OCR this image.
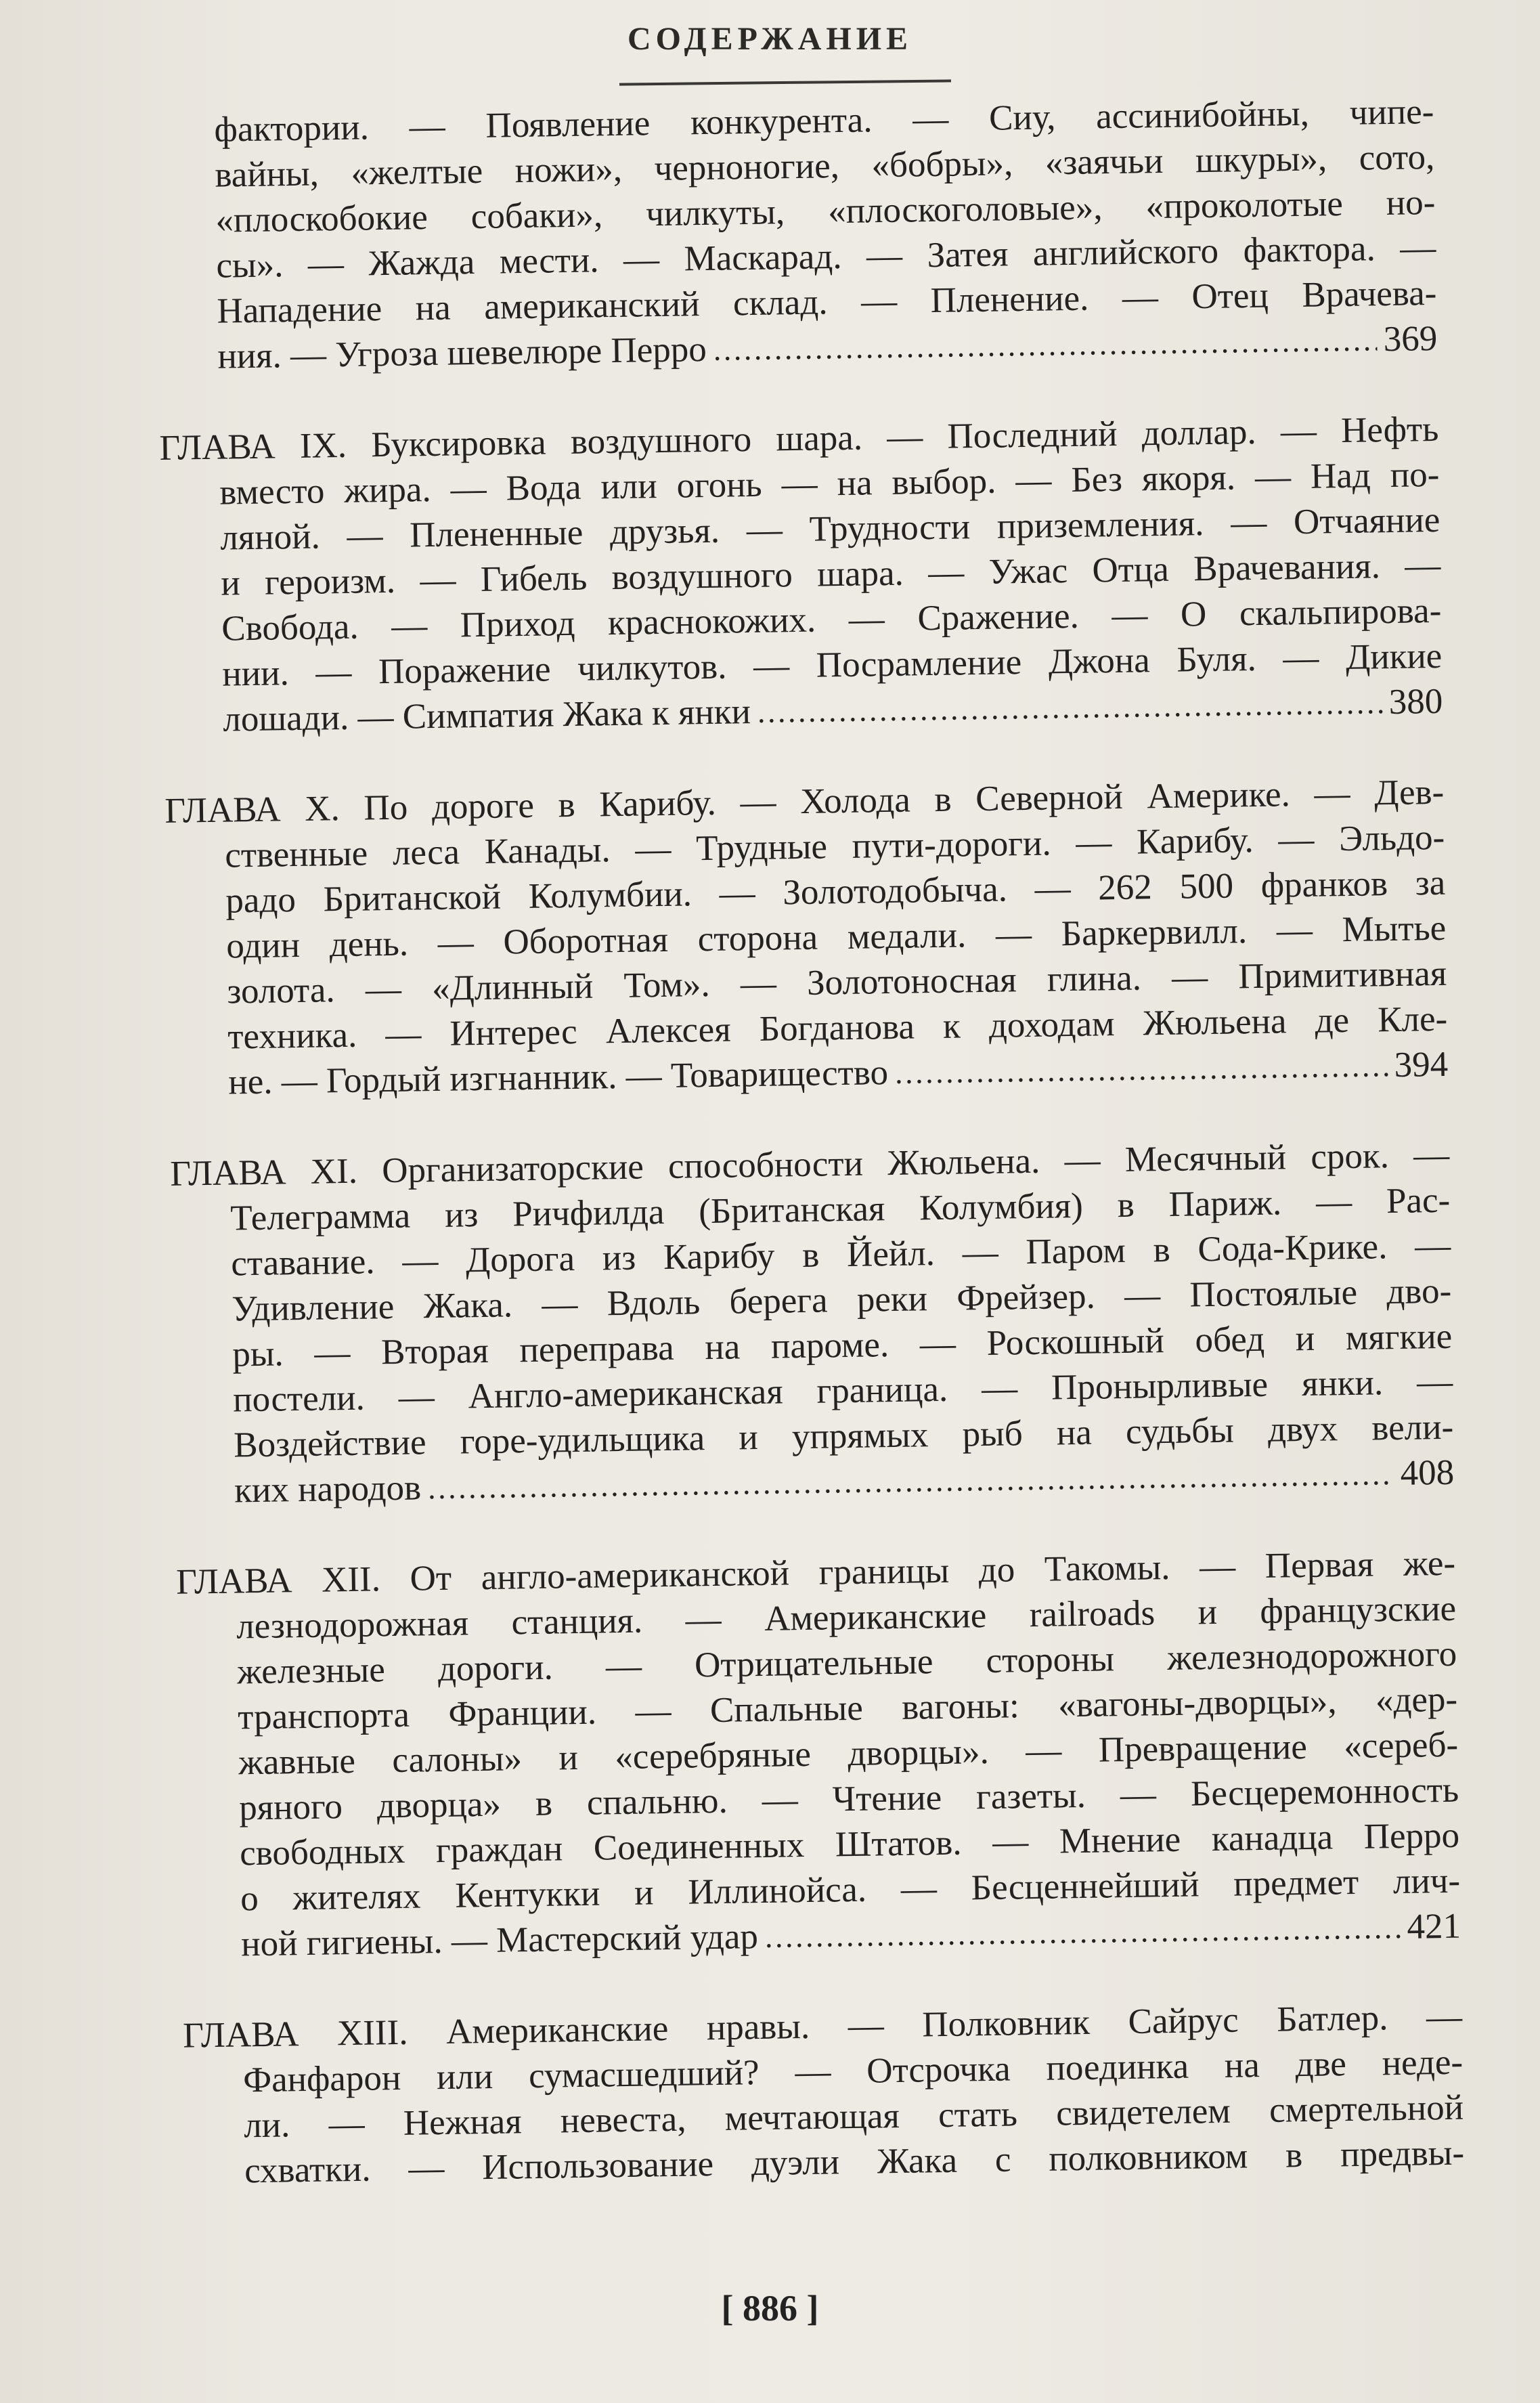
СОДЕРЖАНИЕ
фактории. — Появление конкурента. — Сиу, ассинибойны, чипе-
вайны, «желтые ножи», черноногие, «бобры», «заячьи шкуры», сото,
«плоскобокие собаки», чилкуты, «плоскоголовые», «проколотые но-
сы». — Жажда мести. — Маскарад. — Затея английского фактора. —
Нападение на американский склад. — Пленение. — Отец Врачева-
ния. — Угроза шевелюре Перро . . .	369
ГЛАВА IX. Буксировка воздушного шара. — Последний доллар. — Нефть
вместо жира. — Вода или огонь — на выбор. — Без якоря. — Над по-
ляной. — Плененные друзья. — Трудности приземления. — Отчаяние
и героизм. — Гибель воздушного шара. — Ужас Отца Врачевания. —
Свобода. — Приход краснокожих. — Сражение. — О скальпирова-
нии. — Поражение чилкутов. — Посрамление Джона Буля. — Дикие
лошади. — Симпатия Жака к янки . . .	380
ГЛАВА X. По дороге в Карибу. — Холода в Северной Америке. — Дев-
ственные леса Канады. — Трудные пути-дороги. — Карибу. — Эльдо-
радо Британской Колумбии. — Золотодобыча. — 262 500 франков за
один день. — Оборотная сторона медали. — Баркервилл. — Мытье
золота. — «Длинный Том». — Золотоносная глина. — Примитивная
техника. — Интерес Алексея Богданова к доходам Жюльена де Кле-
не. — Гордый изгнанник. — Товарищество . . .	394
ГЛАВА XI. Организаторские способности Жюльена. — Месячный срок. —
Телеграмма из Ричфилда (Британская Колумбия) в Париж. — Рас-
ставание. — Дорога из Карибу в Йейл. — Паром в Сода-Крике. —
Удивление Жака. — Вдоль берега реки Фрейзер. — Постоялые дво-
ры. — Вторая переправа на пароме. — Роскошный обед и мягкие
постели. — Англо-американская граница. — Пронырливые янки. —
Воздействие горе-удильщика и упрямых рыб на судьбы двух вели-
ких народов . . .	408
ГЛАВА XII. От англо-американской границы до Такомы. — Первая же-
лезнодорожная станция. — Американские railroads и французские
железные дороги. — Отрицательные стороны железнодорожного
транспорта Франции. — Спальные вагоны: «вагоны-дворцы», «дер-
жавные салоны» и «серебряные дворцы». — Превращение «сереб-
ряного дворца» в спальню. — Чтение газеты. — Бесцеремонность
свободных граждан Соединенных Штатов. — Мнение канадца Перро
о жителях Кентукки и Иллинойса. — Бесценнейший предмет лич-
ной гигиены. — Мастерский удар . . .	421
ГЛАВА XIII. Американские нравы. — Полковник Сайрус Батлер. —
Фанфарон или сумасшедший? — Отсрочка поединка на две неде-
ли. — Нежная невеста, мечтающая стать свидетелем смертельной
схватки. — Использование дуэли Жака с полковником в предвы-
[ 886 ]
